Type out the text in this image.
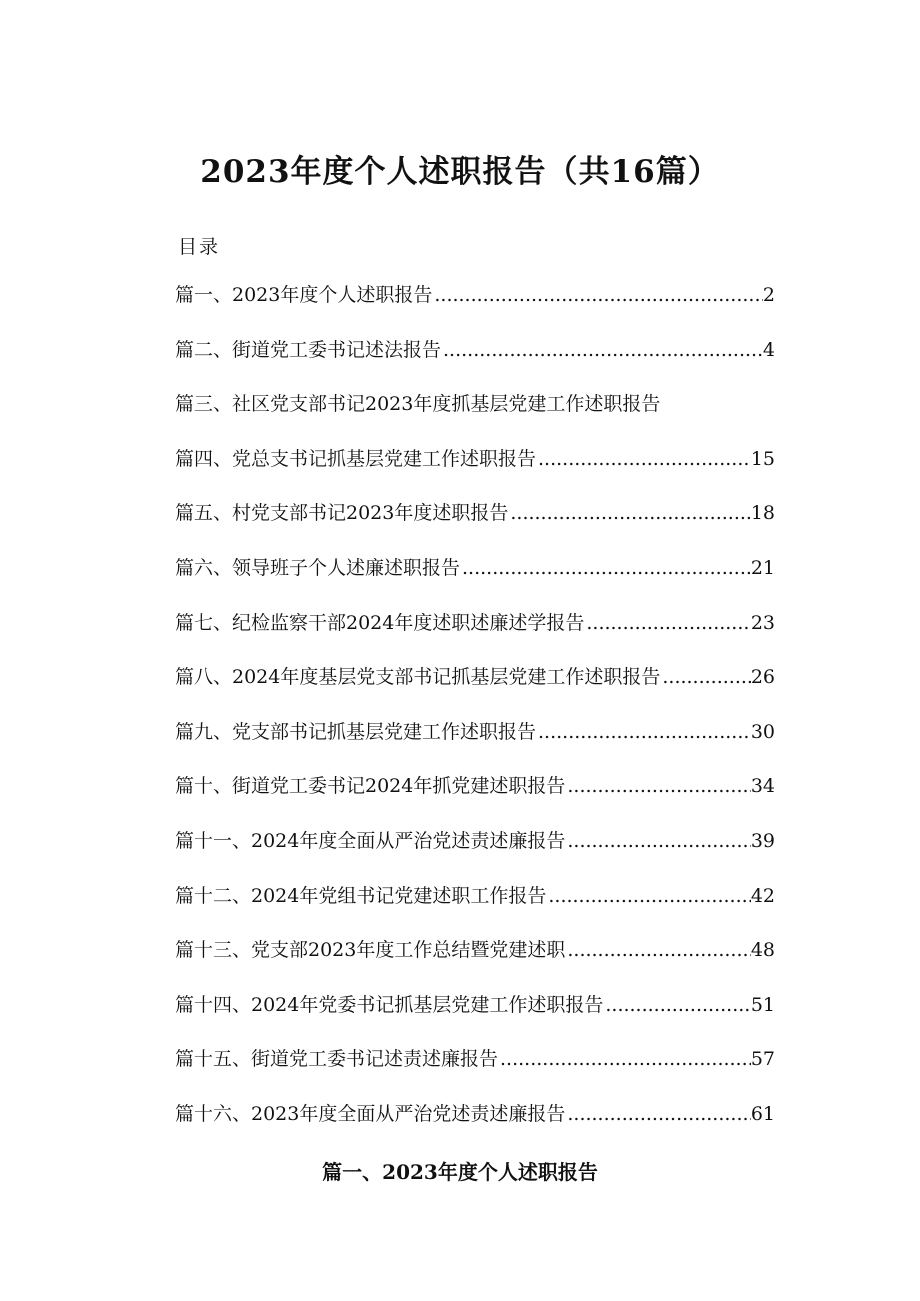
2023年度个人述职报告（共16篇）
目录
篇一、2023年度个人述职报告 .....	2
篇二、街道党工委书记述法报告 .....	4
篇三、社区党支部书记2023年度抓基层党建工作述职报告
篇四、党总支书记抓基层党建工作述职报告 .....	15
篇五、村党支部书记2023年度述职报告 .....	18
篇六、领导班子个人述廉述职报告 .....	21
篇七、纪检监察干部2024年度述职述廉述学报告 .....	23
篇八、2024年度基层党支部书记抓基层党建工作述职报告 .....	26
篇九、党支部书记抓基层党建工作述职报告 .....	30
篇十、街道党工委书记2024年抓党建述职报告 .....	34
篇十一、2024年度全面从严治党述责述廉报告 .....	39
篇十二、2024年党组书记党建述职工作报告 .....	42
篇十三、党支部2023年度工作总结暨党建述职 .....	48
篇十四、2024年党委书记抓基层党建工作述职报告 .....	51
篇十五、街道党工委书记述责述廉报告 .....	57
篇十六、2023年度全面从严治党述责述廉报告 .....	61
篇一、2023年度个人述职报告
